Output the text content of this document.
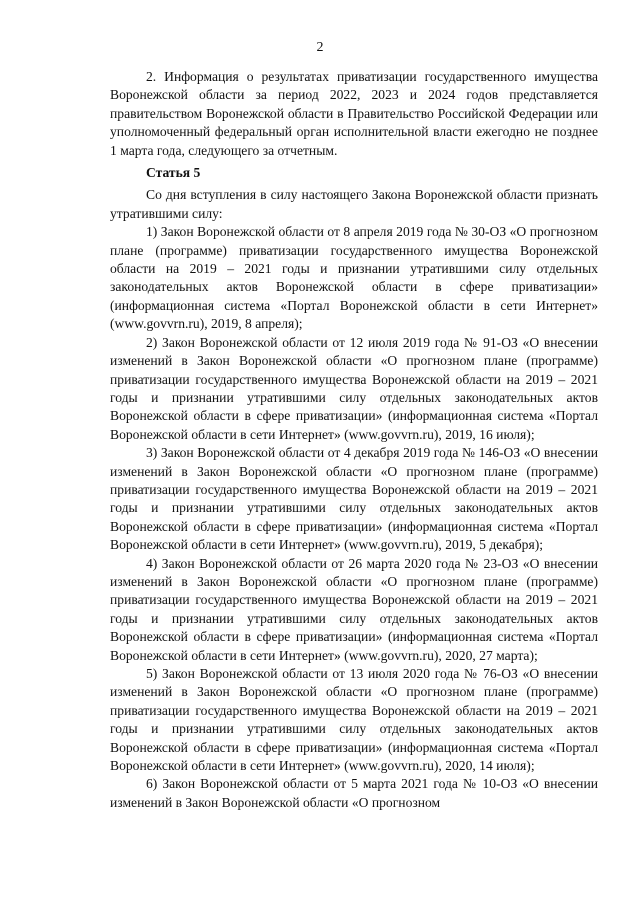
2

2. Информация о результатах приватизации государственного имущества Воронежской области за период 2022, 2023 и 2024 годов представляется правительством Воронежской области в Правительство Российской Федерации или уполномоченный федеральный орган исполнительной власти ежегодно не позднее 1 марта года, следующего за отчетным.

Статья 5

Со дня вступления в силу настоящего Закона Воронежской области признать утратившими силу:

1) Закон Воронежской области от 8 апреля 2019 года № 30-ОЗ «О прогнозном плане (программе) приватизации государственного имущества Воронежской области на 2019 – 2021 годы и признании утратившими силу отдельных законодательных актов Воронежской области в сфере приватизации» (информационная система «Портал Воронежской области в сети Интернет» (www.govvrn.ru), 2019, 8 апреля);

2) Закон Воронежской области от 12 июля 2019 года № 91-ОЗ «О внесении изменений в Закон Воронежской области «О прогнозном плане (программе) приватизации государственного имущества Воронежской области на 2019 – 2021 годы и признании утратившими силу отдельных законодательных актов Воронежской области в сфере приватизации» (информационная система «Портал Воронежской области в сети Интернет» (www.govvrn.ru), 2019, 16 июля);

3) Закон Воронежской области от 4 декабря 2019 года № 146-ОЗ «О внесении изменений в Закон Воронежской области «О прогнозном плане (программе) приватизации государственного имущества Воронежской области на 2019 – 2021 годы и признании утратившими силу отдельных законодательных актов Воронежской области в сфере приватизации» (информационная система «Портал Воронежской области в сети Интернет» (www.govvrn.ru), 2019, 5 декабря);

4) Закон Воронежской области от 26 марта 2020 года № 23-ОЗ «О внесении изменений в Закон Воронежской области «О прогнозном плане (программе) приватизации государственного имущества Воронежской области на 2019 – 2021 годы и признании утратившими силу отдельных законодательных актов Воронежской области в сфере приватизации» (информационная система «Портал Воронежской области в сети Интернет» (www.govvrn.ru), 2020, 27 марта);

5) Закон Воронежской области от 13 июля 2020 года № 76-ОЗ «О внесении изменений в Закон Воронежской области «О прогнозном плане (программе) приватизации государственного имущества Воронежской области на 2019 – 2021 годы и признании утратившими силу отдельных законодательных актов Воронежской области в сфере приватизации» (информационная система «Портал Воронежской области в сети Интернет» (www.govvrn.ru), 2020, 14 июля);

6) Закон Воронежской области от 5 марта 2021 года № 10-ОЗ «О внесении изменений в Закон Воронежской области «О прогнозном
